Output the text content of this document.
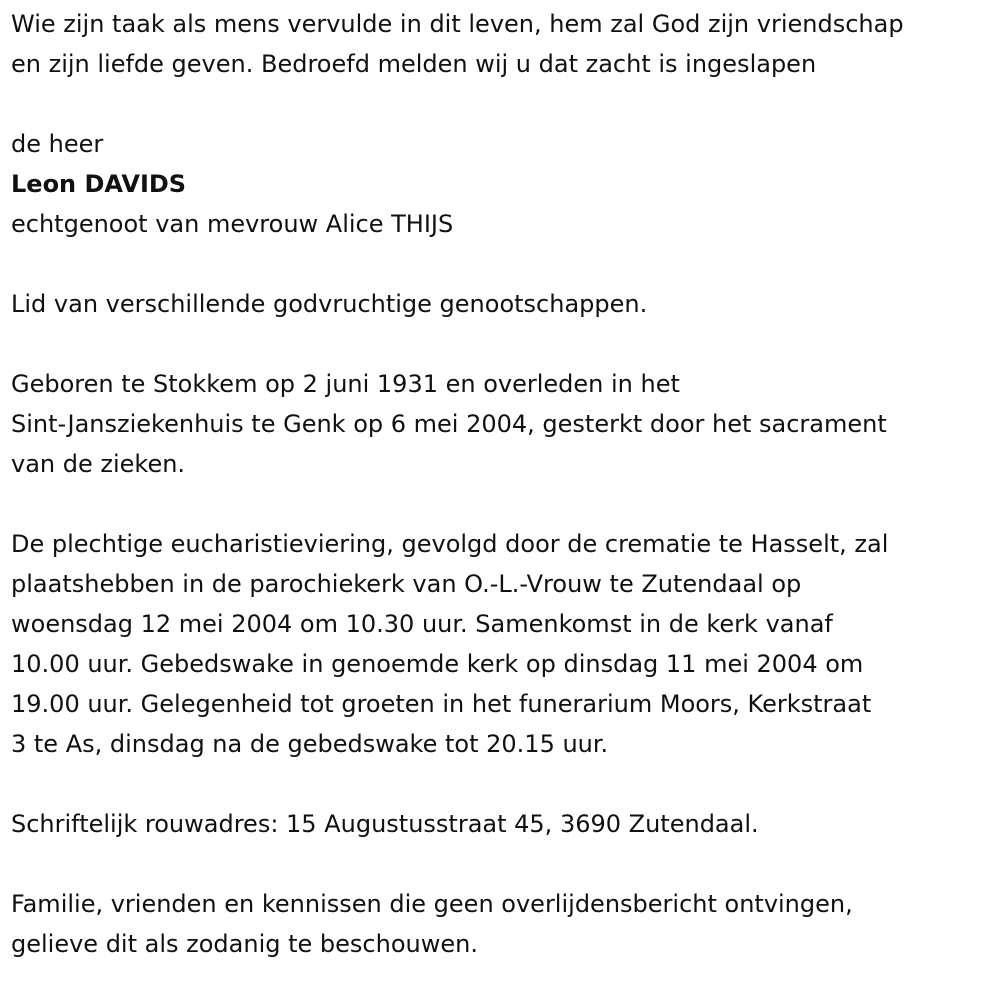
Wie zijn taak als mens vervulde in dit leven, hem zal God zijn vriendschap

en zijn liefde geven. Bedroefd melden wij u dat zacht is ingeslapen

de heer

Leon DAVIDS

echtgenoot van mevrouw Alice THIJS

Lid van verschillende godvruchtige genootschappen.

Geboren te Stokkem op 2 juni 1931 en overleden in het

Sint-Jansziekenhuis te Genk op 6 mei 2004, gesterkt door het sacrament

van de zieken.

De plechtige eucharistieviering, gevolgd door de crematie te Hasselt, zal

plaatshebben in de parochiekerk van O.-L.-Vrouw te Zutendaal op

woensdag 12 mei 2004 om 10.30 uur. Samenkomst in de kerk vanaf

10.00 uur. Gebedswake in genoemde kerk op dinsdag 11 mei 2004 om

19.00 uur. Gelegenheid tot groeten in het funerarium Moors, Kerkstraat

3 te As, dinsdag na de gebedswake tot 20.15 uur.

Schriftelijk rouwadres: 15 Augustusstraat 45, 3690 Zutendaal.

Familie, vrienden en kennissen die geen overlijdensbericht ontvingen,

gelieve dit als zodanig te beschouwen.
